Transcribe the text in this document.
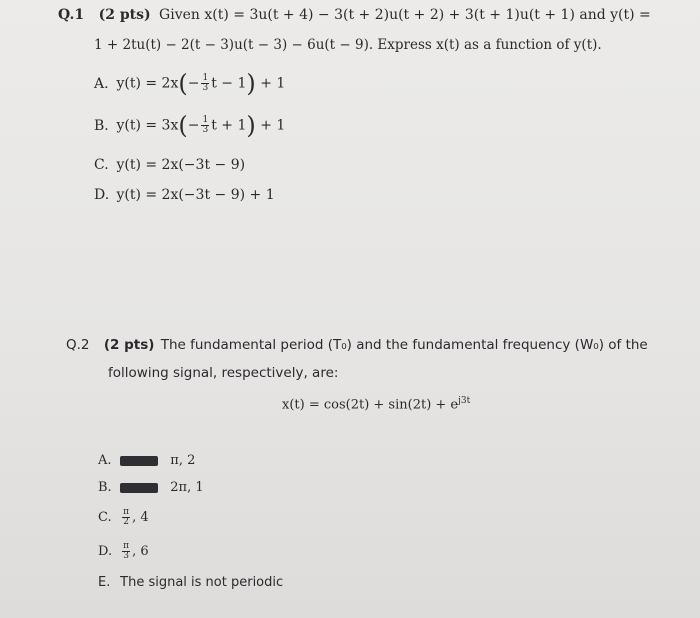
Q.1 (2 pts) Given x(t) = 3u(t + 4) − 3(t + 2)u(t + 2) + 3(t + 1)u(t + 1) and y(t) =
1 + 2tu(t) − 2(t − 3)u(t − 3) − 6u(t − 9). Express x(t) as a function of y(t).
A. $y(t) = 2x(- \frac{1}{3}$ t − 1) + 1
B. $y(t) = 3x(- \frac{1}{3}$ t + 1) + 1
C. y(t) = 2x(−3t − 9)
D. y(t) = 2x(−3t − 9) + 1
Q.2 (2 pts) The fundamental period (T₀) and the fundamental frequency (W₀) of the
following signal, respectively, are:
$x(t) = \cos(2t) + \sin(2t) + e^{j3t}$
A.	π, 2
B.	2π, 1
C. $\frac{\pi}{2}$ , 4
D. $\frac{\pi}{3}$ , 6
E. The signal is not periodic
